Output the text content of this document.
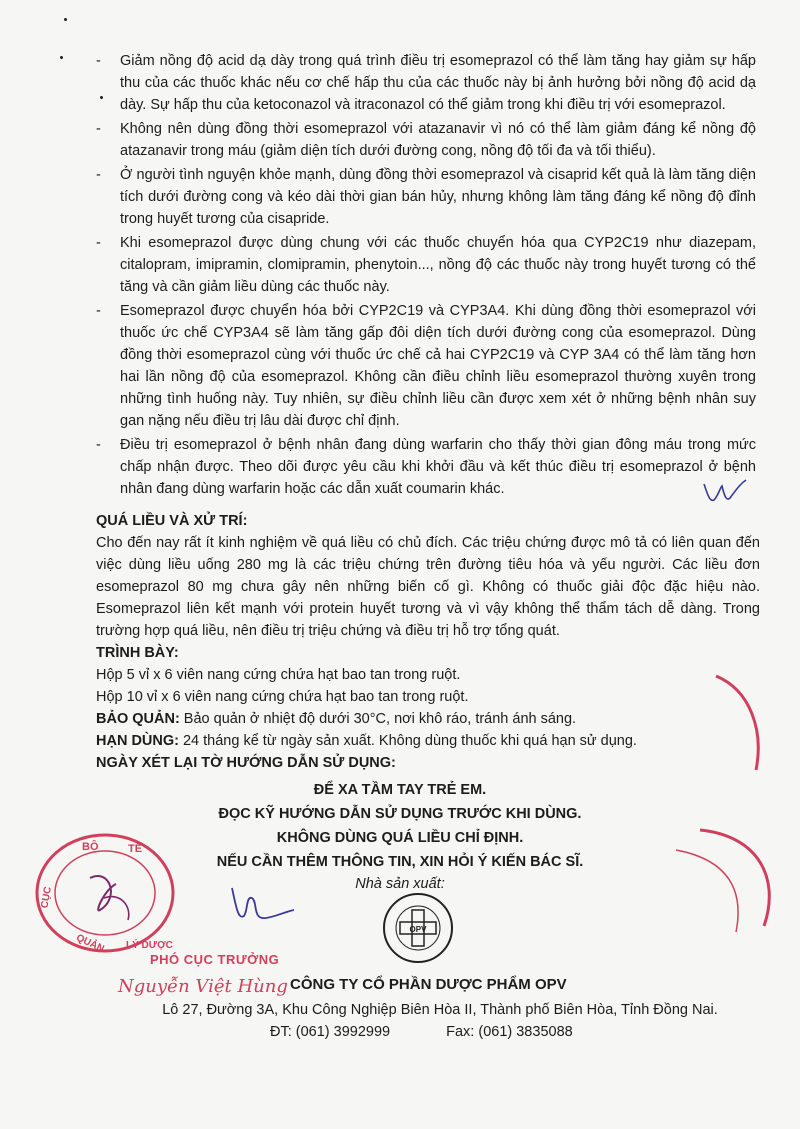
- Giảm nồng độ acid dạ dày trong quá trình điều trị esomeprazol có thể làm tăng hay giảm sự hấp thu của các thuốc khác nếu cơ chế hấp thu của các thuốc này bị ảnh hưởng bởi nồng độ acid dạ dày. Sự hấp thu của ketoconazol và itraconazol có thể giảm trong khi điều trị với esomeprazol.
- Không nên dùng đồng thời esomeprazol với atazanavir vì nó có thể làm giảm đáng kể nồng độ atazanavir trong máu (giảm diện tích dưới đường cong, nồng độ tối đa và tối thiểu).
- Ở người tình nguyện khỏe mạnh, dùng đồng thời esomeprazol và cisaprid kết quả là làm tăng diện tích dưới đường cong và kéo dài thời gian bán hủy, nhưng không làm tăng đáng kể nồng độ đỉnh trong huyết tương của cisapride.
- Khi esomeprazol được dùng chung với các thuốc chuyển hóa qua CYP2C19 như diazepam, citalopram, imipramin, clomipramin, phenytoin..., nồng độ các thuốc này trong huyết tương có thể tăng và cần giảm liều dùng các thuốc này.
- Esomeprazol được chuyển hóa bởi CYP2C19 và CYP3A4. Khi dùng đồng thời esomeprazol với thuốc ức chế CYP3A4 sẽ làm tăng gấp đôi diện tích dưới đường cong của esomeprazol. Dùng đồng thời esomeprazol cùng với thuốc ức chế cả hai CYP2C19 và CYP 3A4 có thể làm tăng hơn hai lần nồng độ của esomeprazol. Không cần điều chỉnh liều esomeprazol thường xuyên trong những tình huống này. Tuy nhiên, sự điều chỉnh liều cần được xem xét ở những bệnh nhân suy gan nặng nếu điều trị lâu dài được chỉ định.
- Điều trị esomeprazol ở bệnh nhân đang dùng warfarin cho thấy thời gian đông máu trong mức chấp nhận được. Theo dõi được yêu cầu khi khởi đầu và kết thúc điều trị esomeprazol ở bệnh nhân đang dùng warfarin hoặc các dẫn xuất coumarin khác.
QUÁ LIỀU VÀ XỬ TRÍ:
Cho đến nay rất ít kinh nghiệm về quá liều có chủ đích. Các triệu chứng được mô tả có liên quan đến việc dùng liều uống 280 mg là các triệu chứng trên đường tiêu hóa và yếu người. Các liều đơn esomeprazol 80 mg chưa gây nên những biến cố gì. Không có thuốc giải độc đặc hiệu nào. Esomeprazol liên kết mạnh với protein huyết tương và vì vậy không thể thẩm tách dễ dàng. Trong trường hợp quá liều, nên điều trị triệu chứng và điều trị hỗ trợ tổng quát.
TRÌNH BÀY:
Hộp 5 vỉ x 6 viên nang cứng chứa hạt bao tan trong ruột.
Hộp 10 vỉ x 6 viên nang cứng chứa hạt bao tan trong ruột.
BẢO QUẢN: Bảo quản ở nhiệt độ dưới 30°C, nơi khô ráo, tránh ánh sáng.
HẠN DÙNG: 24 tháng kể từ ngày sản xuất. Không dùng thuốc khi quá hạn sử dụng.
NGÀY XÉT LẠI TỜ HƯỚNG DẪN SỬ DỤNG:
ĐỂ XA TẦM TAY TRẺ EM.
ĐỌC KỸ HƯỚNG DẪN SỬ DỤNG TRƯỚC KHI DÙNG.
KHÔNG DÙNG QUÁ LIỀU CHỈ ĐỊNH.
NẾU CẦN THÊM THÔNG TIN, XIN HỎI Ý KIẾN BÁC SĨ.
Nhà sản xuất:
BỘ	TẾ
CỤC
QUẢN LÝ DƯỢC
OPV
PHÓ CỤC TRƯỞNG
Nguyễn Việt Hùng CÔNG TY CỔ PHẦN DƯỢC PHẨM OPV
Lô 27, Đường 3A, Khu Công Nghiệp Biên Hòa II, Thành phố Biên Hòa, Tỉnh Đồng Nai.
ĐT: (061) 3992999	Fax: (061) 3835088
